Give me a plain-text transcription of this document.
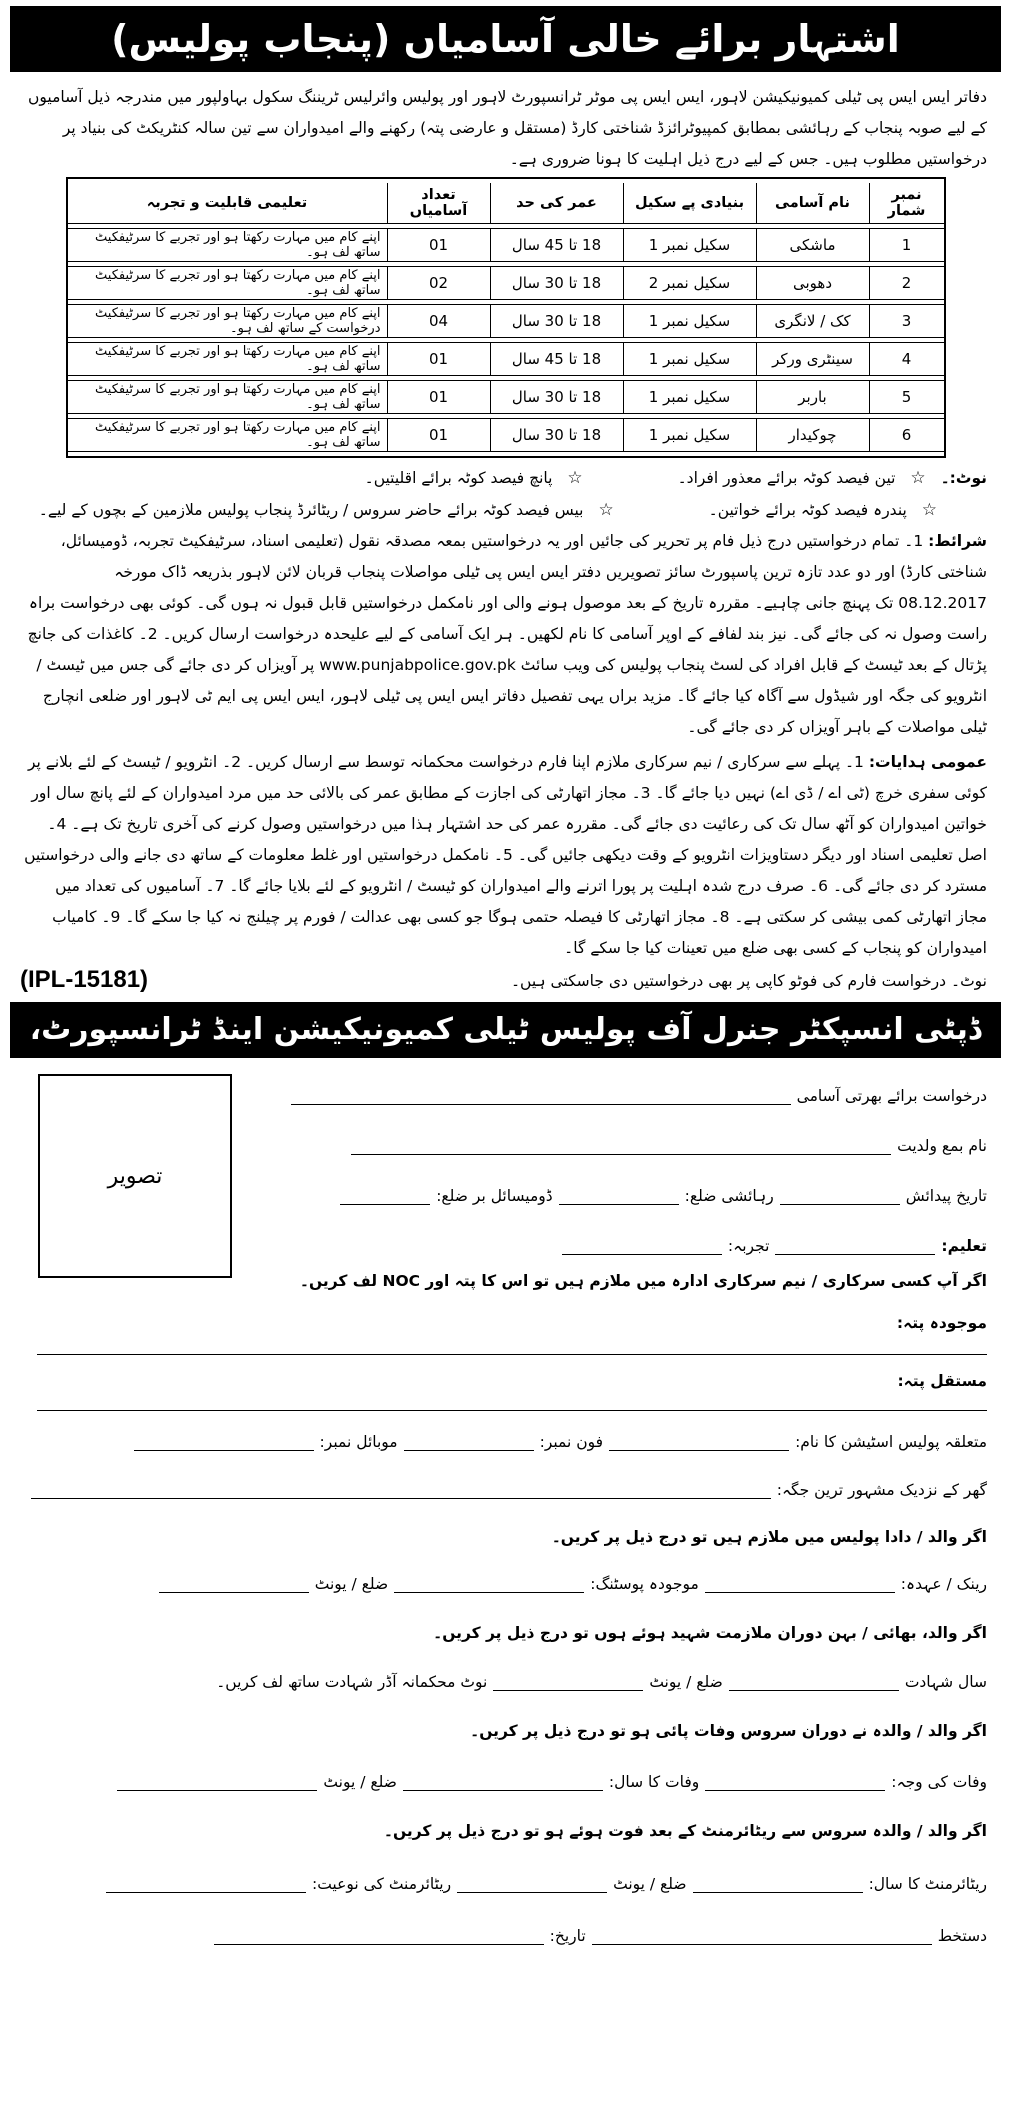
اشتہار برائے خالی آسامیاں (پنجاب پولیس)
دفاتر ایس ایس پی ٹیلی کمیونیکیشن لاہور، ایس ایس پی موٹر ٹرانسپورٹ لاہور اور پولیس وائرلیس ٹریننگ سکول بہاولپور میں مندرجہ ذیل آسامیوں کے لیے صوبہ پنجاب کے رہائشی بمطابق کمپیوٹرائزڈ شناختی کارڈ (مستقل و عارضی پتہ) رکھنے والے امیدواران سے تین سالہ کنٹریکٹ کی بنیاد پر درخواستیں مطلوب ہیں۔ جس کے لیے درج ذیل اہلیت کا ہونا ضروری ہے۔
نمبر شمار	نام آسامی	بنیادی پے سکیل	عمر کی حد	تعداد آسامیاں	تعلیمی قابلیت و تجربہ
1	ماشکی	سکیل نمبر 1	18 تا 45 سال	01	اپنے کام میں مہارت رکھتا ہو اور تجربے کا سرٹیفکیٹ ساتھ لف ہو۔
2	دھوبی	سکیل نمبر 2	18 تا 30 سال	02	اپنے کام میں مہارت رکھتا ہو اور تجربے کا سرٹیفکیٹ ساتھ لف ہو۔
3	کک / لانگری	سکیل نمبر 1	18 تا 30 سال	04	اپنے کام میں مہارت رکھتا ہو اور تجربے کا سرٹیفکیٹ درخواست کے ساتھ لف ہو۔
4	سینٹری ورکر	سکیل نمبر 1	18 تا 45 سال	01	اپنے کام میں مہارت رکھتا ہو اور تجربے کا سرٹیفکیٹ ساتھ لف ہو۔
5	باربر	سکیل نمبر 1	18 تا 30 سال	01	اپنے کام میں مہارت رکھتا ہو اور تجربے کا سرٹیفکیٹ ساتھ لف ہو۔
6	چوکیدار	سکیل نمبر 1	18 تا 30 سال	01	اپنے کام میں مہارت رکھتا ہو اور تجربے کا سرٹیفکیٹ ساتھ لف ہو۔
نوٹ:۔ ☆ تین فیصد کوٹہ برائے معذور افراد۔ ☆ پانچ فیصد کوٹہ برائے اقلیتیں۔
☆ پندرہ فیصد کوٹہ برائے خواتین۔ ☆ بیس فیصد کوٹہ برائے حاضر سروس / ریٹائرڈ پنجاب پولیس ملازمین کے بچوں کے لیے۔
شرائط: 1۔ تمام درخواستیں درج ذیل فام پر تحریر کی جائیں اور یہ درخواستیں بمعہ مصدقہ نقول (تعلیمی اسناد، سرٹیفکیٹ تجربہ، ڈومیسائل، شناختی کارڈ) اور دو عدد تازہ ترین پاسپورٹ سائز تصویریں دفتر ایس ایس پی ٹیلی مواصلات پنجاب قربان لائن لاہور بذریعہ ڈاک مورخہ 08.12.2017 تک پہنچ جانی چاہیے۔ مقررہ تاریخ کے بعد موصول ہونے والی اور نامکمل درخواستیں قابل قبول نہ ہوں گی۔ کوئی بھی درخواست براہ راست وصول نہ کی جائے گی۔ نیز بند لفافے کے اوپر آسامی کا نام لکھیں۔ ہر ایک آسامی کے لیے علیحدہ درخواست ارسال کریں۔ 2۔ کاغذات کی جانچ پڑتال کے بعد ٹیسٹ کے قابل افراد کی لسٹ پنجاب پولیس کی ویب سائٹ www.punjabpolice.gov.pk پر آویزاں کر دی جائے گی جس میں ٹیسٹ / انٹرویو کی جگہ اور شیڈول سے آگاہ کیا جائے گا۔ مزید براں یہی تفصیل دفاتر ایس ایس پی ٹیلی لاہور، ایس ایس پی ایم ٹی لاہور اور ضلعی انچارج ٹیلی مواصلات کے باہر آویزاں کر دی جائے گی۔
عمومی ہدایات: 1۔ پہلے سے سرکاری / نیم سرکاری ملازم اپنا فارم درخواست محکمانہ توسط سے ارسال کریں۔ 2۔ انٹرویو / ٹیسٹ کے لئے بلانے پر کوئی سفری خرچ (ٹی اے / ڈی اے) نہیں دیا جائے گا۔ 3۔ مجاز اتھارٹی کی اجازت کے مطابق عمر کی بالائی حد میں مرد امیدواران کے لئے پانچ سال اور خواتین امیدواران کو آٹھ سال تک کی رعائیت دی جائے گی۔ مقررہ عمر کی حد اشتہار ہذا میں درخواستیں وصول کرنے کی آخری تاریخ تک ہے۔ 4۔ اصل تعلیمی اسناد اور دیگر دستاویزات انٹرویو کے وقت دیکھی جائیں گی۔ 5۔ نامکمل درخواستیں اور غلط معلومات کے ساتھ دی جانے والی درخواستیں مسترد کر دی جائے گی۔ 6۔ صرف درج شدہ اہلیت پر پورا اترنے والے امیدواران کو ٹیسٹ / انٹرویو کے لئے بلایا جائے گا۔ 7۔ آسامیوں کی تعداد میں مجاز اتھارٹی کمی بیشی کر سکتی ہے۔ 8۔ مجاز اتھارٹی کا فیصلہ حتمی ہوگا جو کسی بھی عدالت / فورم پر چیلنج نہ کیا جا سکے گا۔ 9۔ کامیاب امیدواران کو پنجاب کے کسی بھی ضلع میں تعینات کیا جا سکے گا۔
(IPL-15181)	نوٹ۔ درخواست فارم کی فوٹو کاپی پر بھی درخواستیں دی جاسکتی ہیں۔
ڈپٹی انسپکٹر جنرل آف پولیس ٹیلی کمیونیکیشن اینڈ ٹرانسپورٹ، پنجاب قربان لائن لاہور۔
تصویر
درخواست برائے بھرتی آسامی
نام بمع ولدیت
تاریخ پیدائش
رہائشی ضلع:
ڈومیسائل بر ضلع:
تعلیم:
تجربہ:
اگر آپ کسی سرکاری / نیم سرکاری ادارہ میں ملازم ہیں تو اس کا پتہ اور NOC لف کریں۔
موجودہ پتہ:
مستقل پتہ:
متعلقہ پولیس اسٹیشن کا نام:
فون نمبر:
موبائل نمبر:
گھر کے نزدیک مشہور ترین جگہ:
اگر والد / دادا پولیس میں ملازم ہیں تو درج ذیل پر کریں۔
رینک / عہدہ:
موجودہ پوسٹنگ:
ضلع / یونٹ
اگر والد، بھائی / بہن دوران ملازمت شہید ہوئے ہوں تو درج ذیل پر کریں۔
سال شہادت
ضلع / یونٹ
نوٹ محکمانہ آڈر شہادت ساتھ لف کریں۔
اگر والد / والدہ نے دوران سروس وفات پائی ہو تو درج ذیل پر کریں۔
وفات کی وجہ:
وفات کا سال:
ضلع / یونٹ
اگر والد / والدہ سروس سے ریٹائرمنٹ کے بعد فوت ہوئے ہو تو درج ذیل پر کریں۔
ریٹائرمنٹ کا سال:
ضلع / یونٹ
ریٹائرمنٹ کی نوعیت:
دستخط
تاریخ:
